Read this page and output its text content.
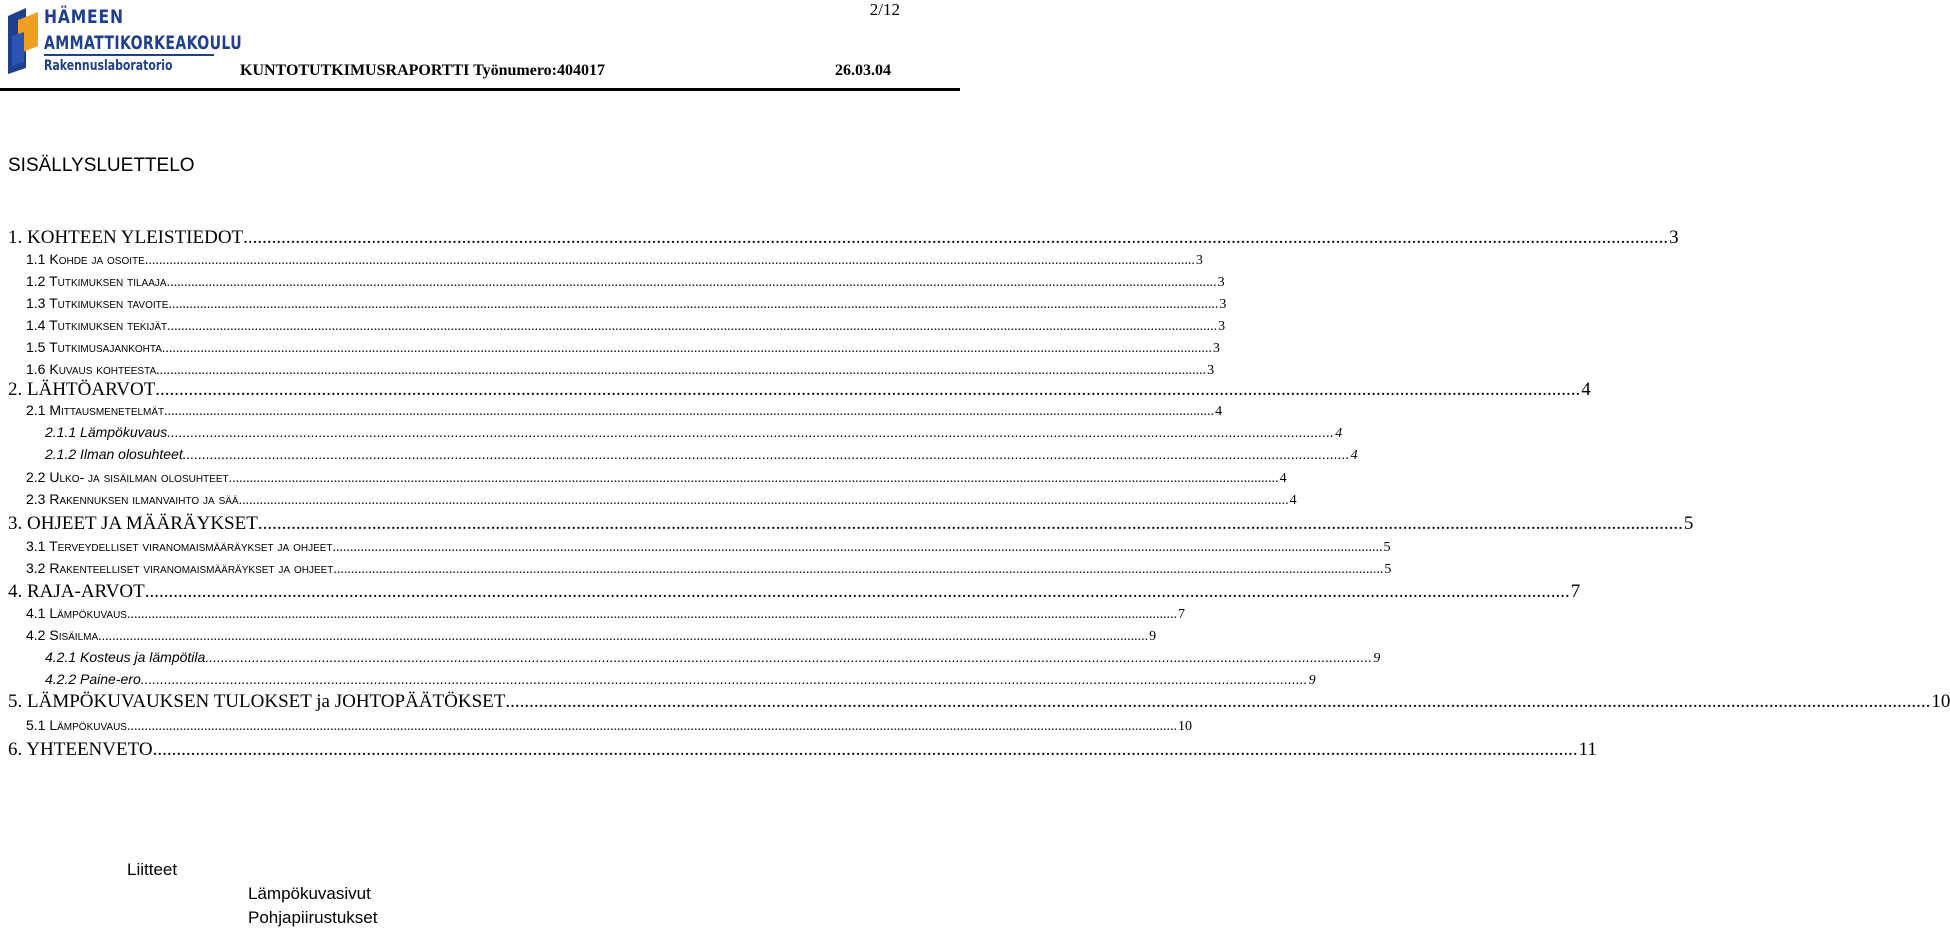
HÄMEEN
AMMATTIKORKEAKOULU
Rakennuslaboratorio
2/12
KUNTOTUTKIMUSRAPORTTI Työnumero:404017	26.03.04
SISÄLLYSLUETTELO
1. KOHTEEN YLEISTIEDOT ............................................................................................................................................................................................................................................................................................................ 3
1.1 Kohde ja osoite ............................................................................................................................................................................................................................................................................................................ 3
1.2 Tutkimuksen tilaaja ............................................................................................................................................................................................................................................................................................................ 3
1.3 Tutkimuksen tavoite ............................................................................................................................................................................................................................................................................................................ 3
1.4 Tutkimuksen tekijät ............................................................................................................................................................................................................................................................................................................ 3
1.5 Tutkimusajankohta ............................................................................................................................................................................................................................................................................................................ 3
1.6 Kuvaus kohteesta ............................................................................................................................................................................................................................................................................................................ 3
2. LÄHTÖARVOT ............................................................................................................................................................................................................................................................................................................ 4
2.1 Mittausmenetelmät ............................................................................................................................................................................................................................................................................................................ 4
2.1.1 Lämpökuvaus ............................................................................................................................................................................................................................................................................................................ 4
2.1.2 Ilman olosuhteet ............................................................................................................................................................................................................................................................................................................ 4
2.2 Ulko- ja sisäilman olosuhteet ............................................................................................................................................................................................................................................................................................................ 4
2.3 Rakennuksen ilmanvaihto ja sää ............................................................................................................................................................................................................................................................................................................ 4
3. OHJEET JA MÄÄRÄYKSET ............................................................................................................................................................................................................................................................................................................ 5
3.1 Terveydelliset viranomaismääräykset ja ohjeet ............................................................................................................................................................................................................................................................................................................ 5
3.2 Rakenteelliset viranomaismääräykset ja ohjeet ............................................................................................................................................................................................................................................................................................................ 5
4. RAJA-ARVOT ............................................................................................................................................................................................................................................................................................................ 7
4.1 Lämpökuvaus ............................................................................................................................................................................................................................................................................................................ 7
4.2 Sisäilma ............................................................................................................................................................................................................................................................................................................ 9
4.2.1 Kosteus ja lämpötila ............................................................................................................................................................................................................................................................................................................ 9
4.2.2 Paine-ero ............................................................................................................................................................................................................................................................................................................ 9
5. LÄMPÖKUVAUKSEN TULOKSET ja JOHTOPÄÄTÖKSET ............................................................................................................................................................................................................................................................................................................ 10
5.1 Lämpökuvaus ............................................................................................................................................................................................................................................................................................................ 10
6. YHTEENVETO ............................................................................................................................................................................................................................................................................................................ 11
Liitteet
Lämpökuvasivut
Pohjapiirustukset
